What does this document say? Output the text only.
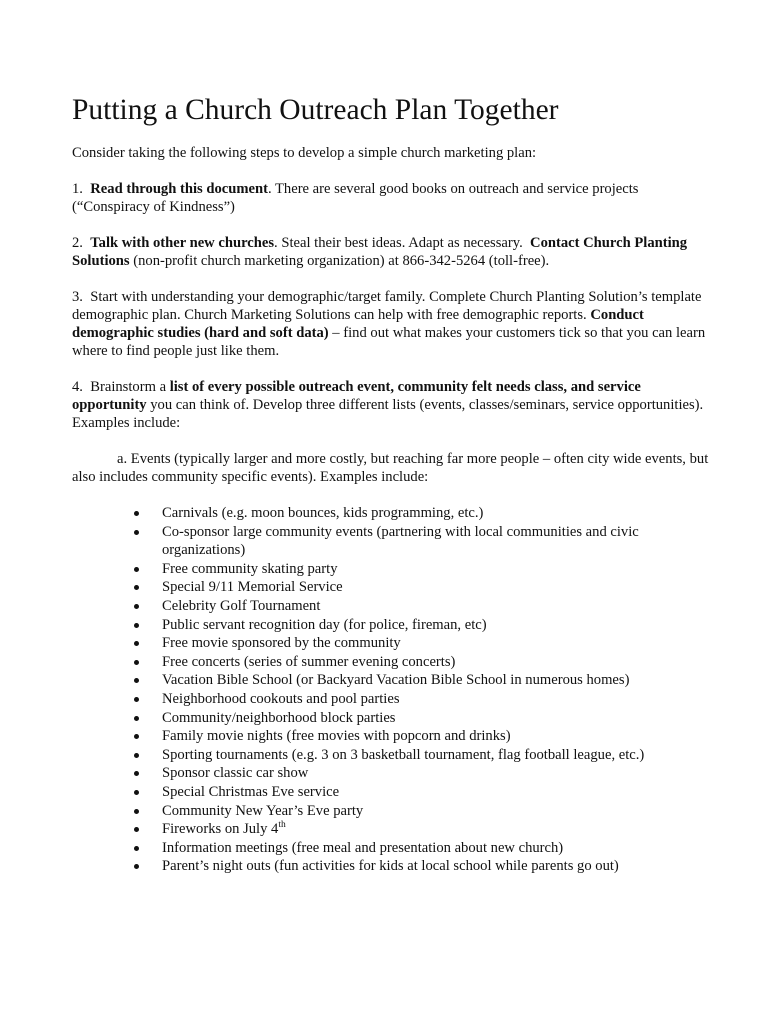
Putting a Church Outreach Plan Together

Consider taking the following steps to develop a simple church marketing plan:

1. Read through this document. There are several good books on outreach and service projects (“Conspiracy of Kindness”)

2. Talk with other new churches. Steal their best ideas. Adapt as necessary. Contact Church Planting Solutions (non-profit church marketing organization) at 866-342-5264 (toll-free).

3. Start with understanding your demographic/target family. Complete Church Planting Solution’s template demographic plan. Church Marketing Solutions can help with free demographic reports. Conduct demographic studies (hard and soft data) – find out what makes your customers tick so that you can learn where to find people just like them.

4. Brainstorm a list of every possible outreach event, community felt needs class, and service opportunity you can think of. Develop three different lists (events, classes/seminars, service opportunities). Examples include:

a. Events (typically larger and more costly, but reaching far more people – often city wide events, but also includes community specific events). Examples include:

Carnivals (e.g. moon bounces, kids programming, etc.)
Co-sponsor large community events (partnering with local communities and civic organizations)
Free community skating party
Special 9/11 Memorial Service
Celebrity Golf Tournament
Public servant recognition day (for police, fireman, etc)
Free movie sponsored by the community
Free concerts (series of summer evening concerts)
Vacation Bible School (or Backyard Vacation Bible School in numerous homes)
Neighborhood cookouts and pool parties
Community/neighborhood block parties
Family movie nights (free movies with popcorn and drinks)
Sporting tournaments (e.g. 3 on 3 basketball tournament, flag football league, etc.)
Sponsor classic car show
Special Christmas Eve service
Community New Year’s Eve party
Fireworks on July 4th
Information meetings (free meal and presentation about new church)
Parent’s night outs (fun activities for kids at local school while parents go out)
